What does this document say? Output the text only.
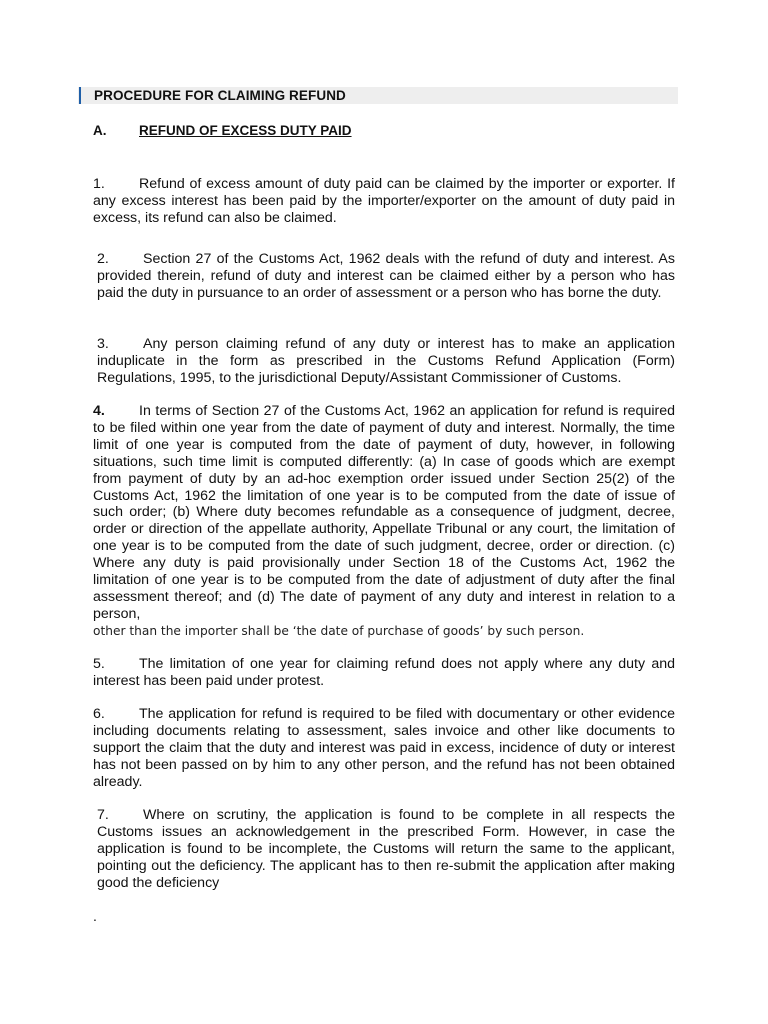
PROCEDURE FOR CLAIMING REFUND
A. REFUND OF EXCESS DUTY PAID

1. Refund of excess amount of duty paid can be claimed by the importer or exporter. If any excess interest has been paid by the importer/exporter on the amount of duty paid in excess, its refund can also be claimed.

2. Section 27 of the Customs Act, 1962 deals with the refund of duty and interest. As provided therein, refund of duty and interest can be claimed either by a person who has paid the duty in pursuance to an order of assessment or a person who has borne the duty.

3. Any person claiming refund of any duty or interest has to make an application induplicate in the form as prescribed in the Customs Refund Application (Form) Regulations, 1995, to the jurisdictional Deputy/Assistant Commissioner of Customs.

4. In terms of Section 27 of the Customs Act, 1962 an application for refund is required to be filed within one year from the date of payment of duty and interest. Normally, the time limit of one year is computed from the date of payment of duty, however, in following situations, such time limit is computed differently: (a) In case of goods which are exempt from payment of duty by an ad-hoc exemption order issued under Section 25(2) of the Customs Act, 1962 the limitation of one year is to be computed from the date of issue of such order; (b) Where duty becomes refundable as a consequence of judgment, decree, order or direction of the appellate authority, Appellate Tribunal or any court, the limitation of one year is to be computed from the date of such judgment, decree, order or direction. (c) Where any duty is paid provisionally under Section 18 of the Customs Act, 1962 the limitation of one year is to be computed from the date of adjustment of duty after the final assessment thereof; and (d) The date of payment of any duty and interest in relation to a person,
other than the importer shall be ‘the date of purchase of goods’ by such person.

5. The limitation of one year for claiming refund does not apply where any duty and interest has been paid under protest.

6. The application for refund is required to be filed with documentary or other evidence including documents relating to assessment, sales invoice and other like documents to support the claim that the duty and interest was paid in excess, incidence of duty or interest has not been passed on by him to any other person, and the refund has not been obtained already.

7. Where on scrutiny, the application is found to be complete in all respects the Customs issues an acknowledgement in the prescribed Form. However, in case the application is found to be incomplete, the Customs will return the same to the applicant, pointing out the deficiency. The applicant has to then re-submit the application after making good the deficiency

.
